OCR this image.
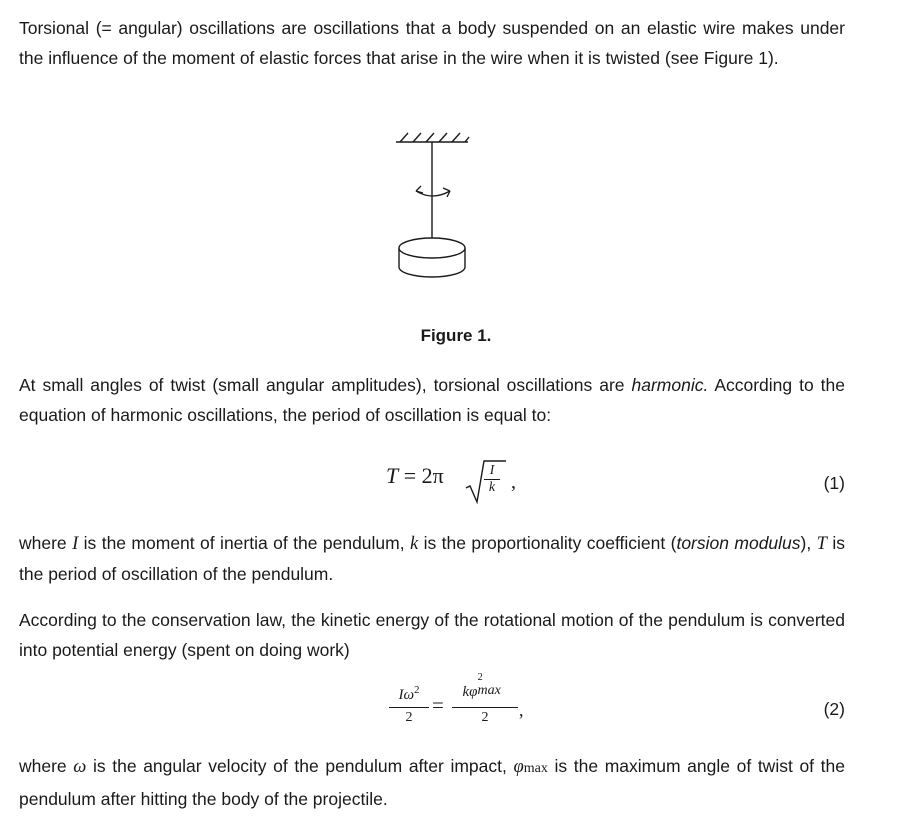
Torsional (= angular) oscillations are oscillations that a body suspended on an elastic wire makes under the influence of the moment of elastic forces that arise in the wire when it is twisted (see Figure 1).

Figure 1.

At small angles of twist (small angular amplitudes), torsional oscillations are harmonic. According to the equation of harmonic oscillations, the period of oscillation is equal to:

T = 2π	I
k ,	(1)

where I is the moment of inertia of the pendulum, k is the proportionality coefficient (torsion modulus), T is the period of oscillation of the pendulum.

According to the conservation law, the kinetic energy of the rotational motion of the pendulum is converted into potential energy (spent on doing work)

$I\omega^2$
2
=
kφ
2
max

2	,	(2)

where ω is the angular velocity of the pendulum after impact, φmax is the maximum angle of twist of the pendulum after hitting the body of the projectile.
